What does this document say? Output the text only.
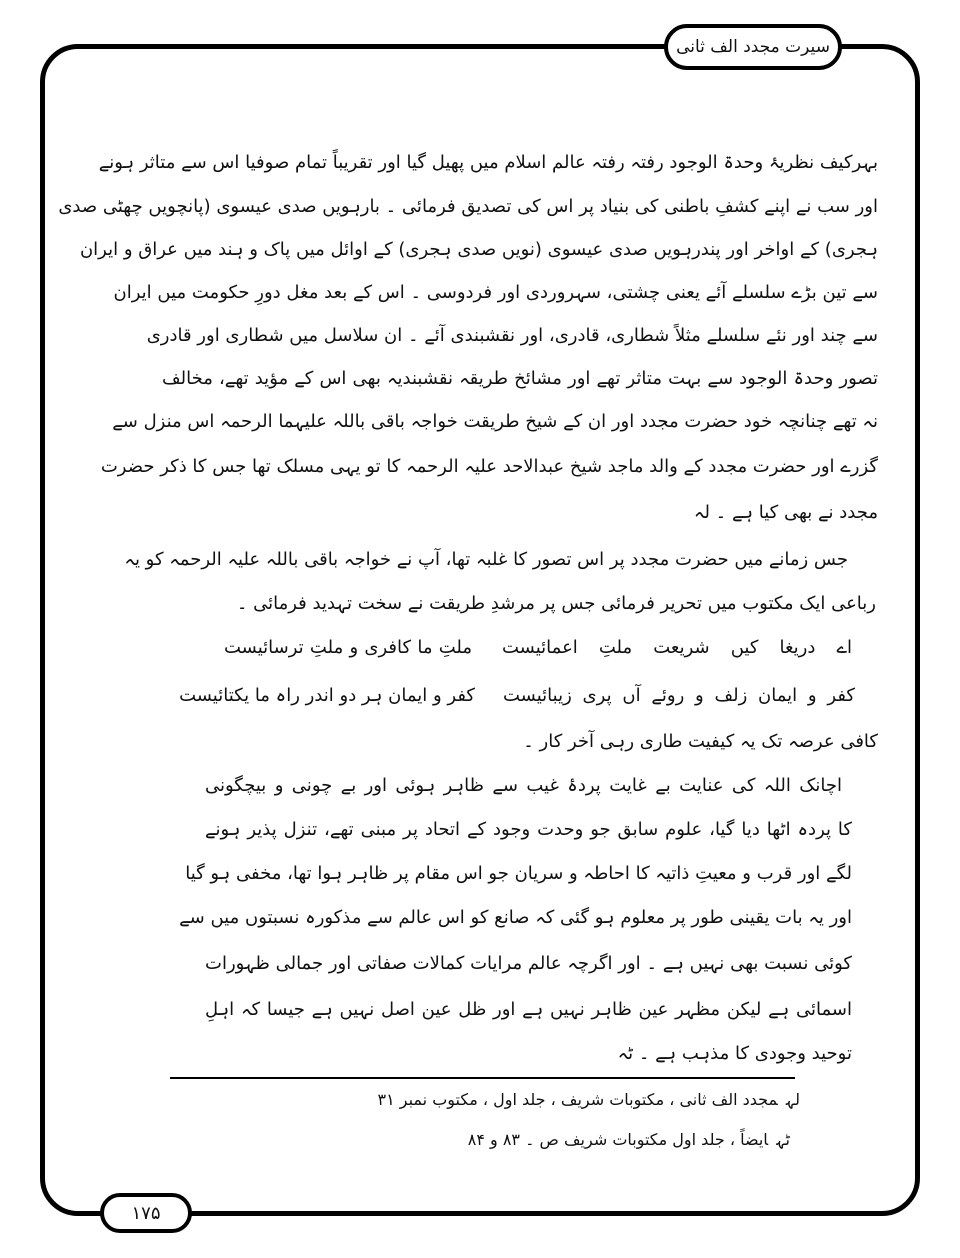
سیرت مجدد الف ثانی
بہرکیف نظریۂ وحدۃ الوجود رفتہ رفتہ عالم اسلام میں پھیل گیا اور تقریباً تمام صوفیا اس سے متاثر ہونے
اور سب نے اپنے کشفِ باطنی کی بنیاد پر اس کی تصدیق فرمائی ۔ بارہویں صدی عیسوی (پانچویں چھٹی صدی
ہجری) کے اواخر اور پندرہویں صدی عیسوی (نویں صدی ہجری) کے اوائل میں پاک و ہند میں عراق و ایران
سے تین بڑے سلسلے آئے یعنی چشتی، سہروردی اور فردوسی ۔ اس کے بعد مغل دورِ حکومت میں ایران
سے چند اور نئے سلسلے مثلاً شطاری، قادری، اور نقشبندی آئے ۔ ان سلاسل میں شطاری اور قادری
تصور وحدۃ الوجود سے بہت متاثر تھے اور مشائخ طریقہ نقشبندیہ بھی اس کے مؤید تھے، مخالف
نہ تھے چنانچہ خود حضرت مجدد اور ان کے شیخ طریقت خواجہ باقی باللہ علیہما الرحمہ اس منزل سے
گزرے اور حضرت مجدد کے والد ماجد شیخ عبدالاحد علیہ الرحمہ کا تو یہی مسلک تھا جس کا ذکر حضرت
مجدد نے بھی کیا ہے ۔ لہ
جس زمانے میں حضرت مجدد پر اس تصور کا غلبہ تھا، آپ نے خواجہ باقی باللہ علیہ الرحمہ کو یہ
رباعی ایک مکتوب میں تحریر فرمائی جس پر مرشدِ طریقت نے سخت تہدید فرمائی ۔
اے دریغا کیں شریعت ملتِ اعمائیست
ملتِ ما کافری و ملتِ ترسائیست
کفر و ایمان زلف و روئے آں پری زیبائیست
کفر و ایمان ہر دو اندر راہ ما یکتائیست
کافی عرصہ تک یہ کیفیت طاری رہی آخر کار ۔
اچانک اللہ کی عنایت بے غایت پردۂ غیب سے ظاہر ہوئی اور بے چونی و بیچگونی
کا پردہ اٹھا دیا گیا، علوم سابق جو وحدت وجود کے اتحاد پر مبنی تھے، تنزل پذیر ہونے
لگے اور قرب و معیتِ ذاتیہ کا احاطہ و سریان جو اس مقام پر ظاہر ہوا تھا، مخفی ہو گیا
اور یہ بات یقینی طور پر معلوم ہو گئی کہ صانع کو اس عالم سے مذکورہ نسبتوں میں سے
کوئی نسبت بھی نہیں ہے ۔ اور اگرچہ عالم مرایات کمالات صفاتی اور جمالی ظہورات
اسمائی ہے لیکن مظہر عین ظاہر نہیں ہے اور ظل عین اصل نہیں ہے جیسا کہ اہلِ
توحید وجودی کا مذہب ہے ۔ ٹہ
لہمجدد الف ثانی ، مکتوبات شریف ، جلد اول ، مکتوب نمبر ۳۱
ٹہایضاً ، جلد اول مکتوبات شریف ص ۔ ۸۳ و ۸۴
۱۷۵
